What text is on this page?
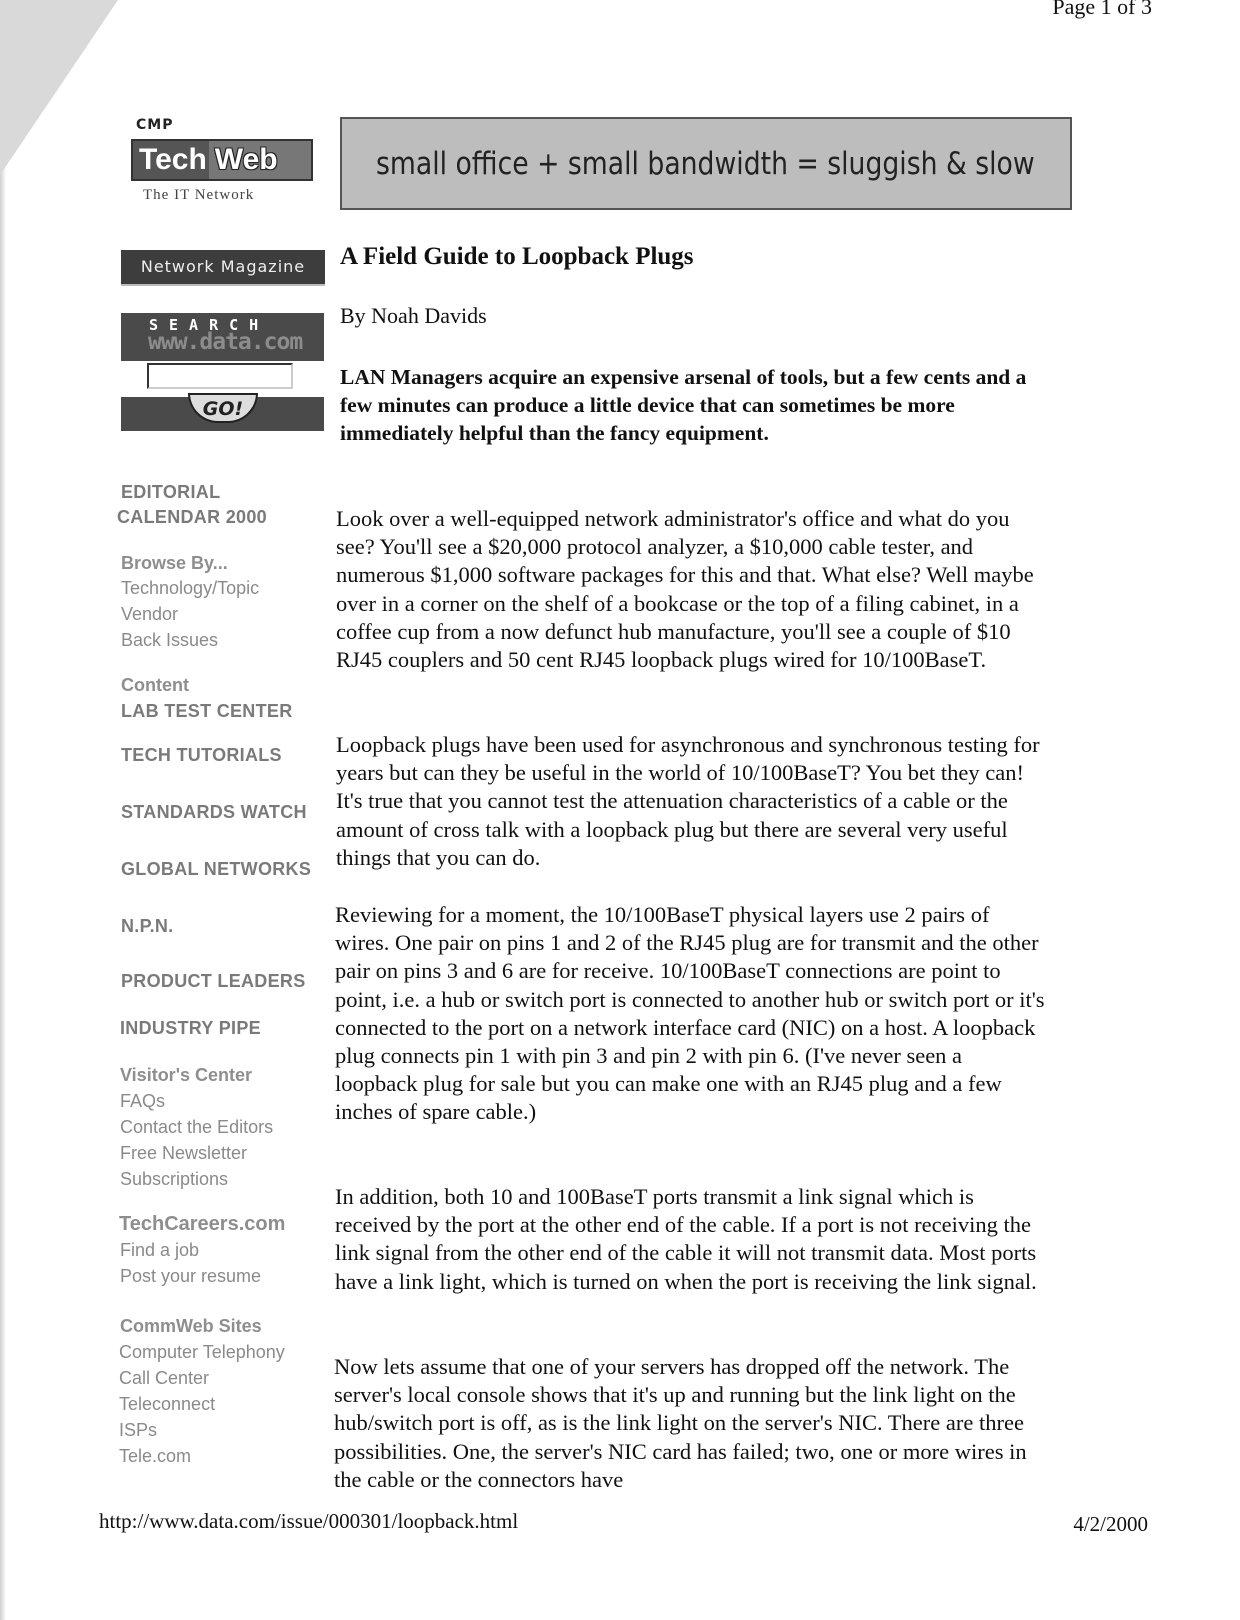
Page 1 of 3
CMP
Tech Web
The IT Network
small office + small bandwidth = sluggish & slow
Network Magazine
www.data.com
SEARCH
GO!
EDITORIAL
CALENDAR 2000
Browse By...
Technology/Topic
Vendor
Back Issues
Content
LAB TEST CENTER
TECH TUTORIALS
STANDARDS WATCH
GLOBAL NETWORKS
N.P.N.
PRODUCT LEADERS
INDUSTRY PIPE
Visitor's Center
FAQs
Contact the Editors
Free Newsletter
Subscriptions
TechCareers.com
Find a job
Post your resume
CommWeb Sites
Computer Telephony
Call Center
Teleconnect
ISPs
Tele.com
A Field Guide to Loopback Plugs
By Noah Davids
LAN Managers acquire an expensive arsenal of tools, but a few cents and a few minutes can produce a little device that can sometimes be more immediately helpful than the fancy equipment.
Look over a well-equipped network administrator's office and what do you see? You'll see a $20,000 protocol analyzer, a $10,000 cable tester, and numerous $1,000 software packages for this and that. What else? Well maybe over in a corner on the shelf of a bookcase or the top of a filing cabinet, in a coffee cup from a now defunct hub manufacture, you'll see a couple of $10 RJ45 couplers and 50 cent RJ45 loopback plugs wired for 10/100BaseT.
Loopback plugs have been used for asynchronous and synchronous testing for years but can they be useful in the world of 10/100BaseT? You bet they can! It's true that you cannot test the attenuation characteristics of a cable or the amount of cross talk with a loopback plug but there are several very useful things that you can do.
Reviewing for a moment, the 10/100BaseT physical layers use 2 pairs of wires. One pair on pins 1 and 2 of the RJ45 plug are for transmit and the other pair on pins 3 and 6 are for receive. 10/100BaseT connections are point to point, i.e. a hub or switch port is connected to another hub or switch port or it's connected to the port on a network interface card (NIC) on a host. A loopback plug connects pin 1 with pin 3 and pin 2 with pin 6. (I've never seen a loopback plug for sale but you can make one with an RJ45 plug and a few inches of spare cable.)
In addition, both 10 and 100BaseT ports transmit a link signal which is received by the port at the other end of the cable. If a port is not receiving the link signal from the other end of the cable it will not transmit data. Most ports have a link light, which is turned on when the port is receiving the link signal.
Now lets assume that one of your servers has dropped off the network. The server's local console shows that it's up and running but the link light on the hub/switch port is off, as is the link light on the server's NIC. There are three possibilities. One, the server's NIC card has failed; two, one or more wires in the cable or the connectors have
http://www.data.com/issue/000301/loopback.html	4/2/2000
